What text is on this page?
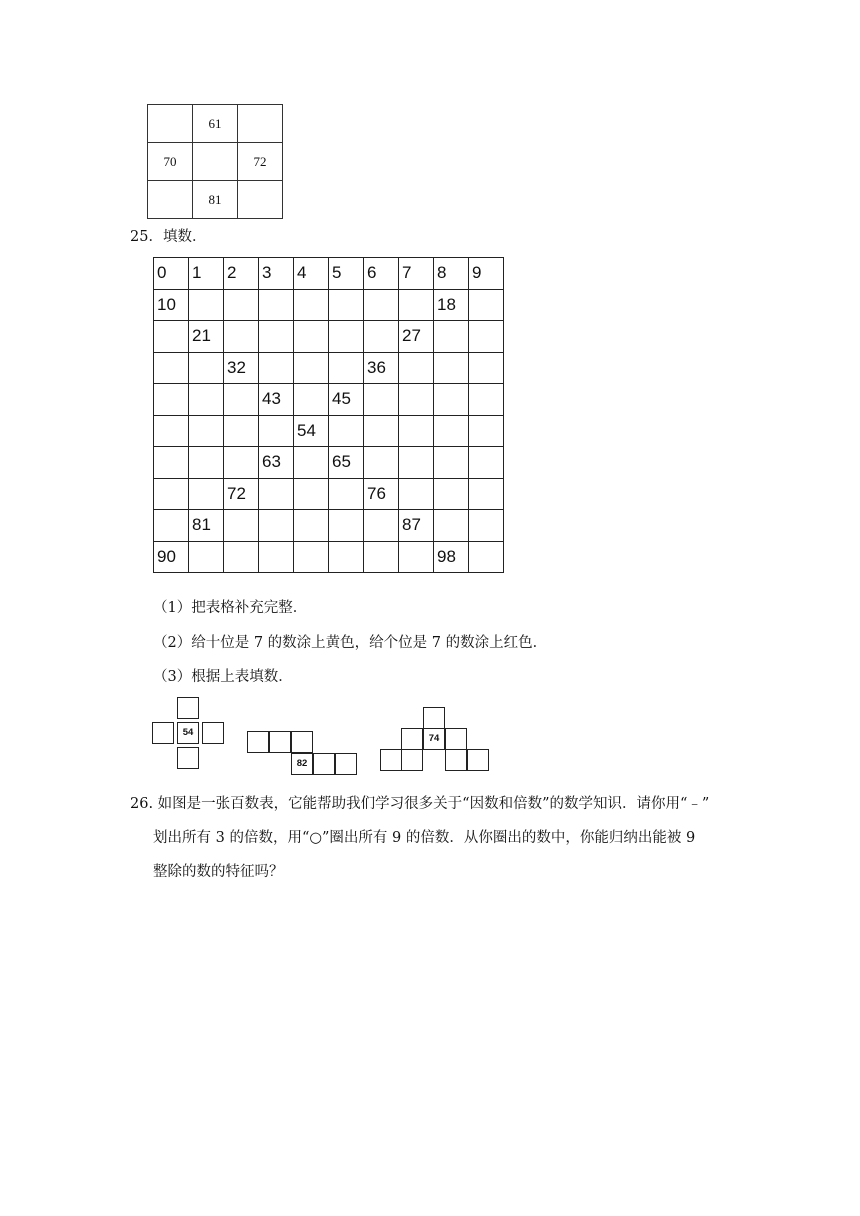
	61	
70		72
	81	
25．填数．
0	1	2	3	4	5	6	7	8	9
10								18	
	21						27		
		32				36			
			43		45				
				54					
			63		65				
		72				76			
	81						87		
90								98	
（1）把表格补充完整．
（2）给十位是 7 的数涂上黄色，给个位是 7 的数涂上红色．
（3）根据上表填数．
54
82
74
26. 如图是一张百数表，它能帮助我们学习很多关于“因数和倍数”的数学知识．请你用“﹣”
划出所有 3 的倍数，用“○”圈出所有 9 的倍数．从你圈出的数中，你能归纳出能被 9
整除的数的特征吗？
